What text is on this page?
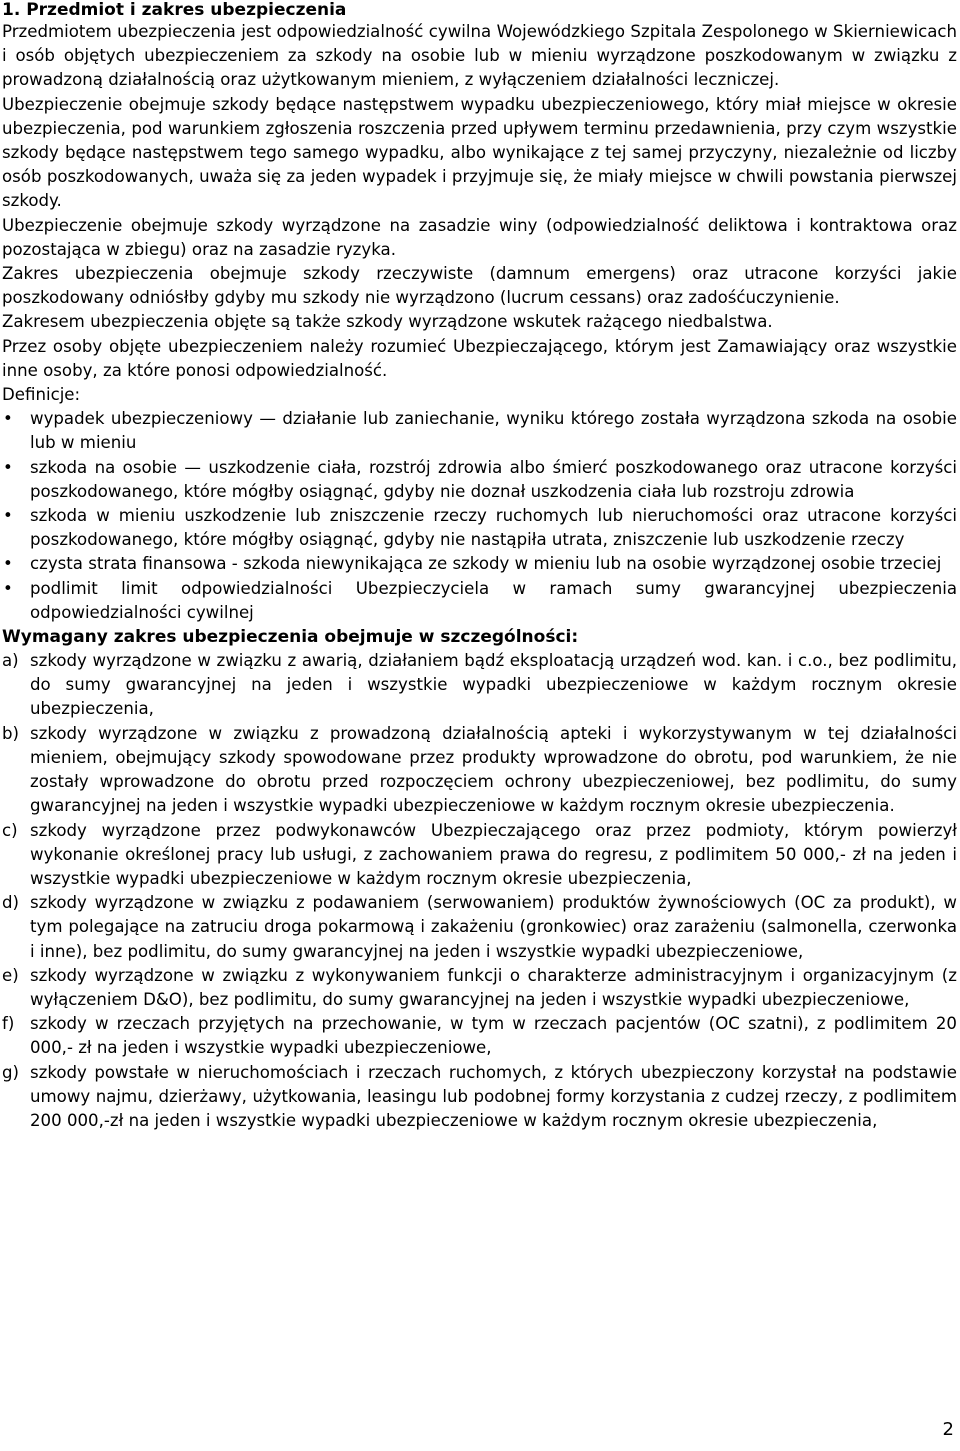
1. Przedmiot i zakres ubezpieczenia

Przedmiotem ubezpieczenia jest odpowiedzialność cywilna Wojewódzkiego Szpitala Zespolonego w Skierniewicach i osób objętych ubezpieczeniem za szkody na osobie lub w mieniu wyrządzone poszkodowanym w związku z prowadzoną działalnością oraz użytkowanym mieniem, z wyłączeniem działalności leczniczej.

Ubezpieczenie obejmuje szkody będące następstwem wypadku ubezpieczeniowego, który miał miejsce w okresie ubezpieczenia, pod warunkiem zgłoszenia roszczenia przed upływem terminu przedawnienia, przy czym wszystkie szkody będące następstwem tego samego wypadku, albo wynikające z tej samej przyczyny, niezależnie od liczby osób poszkodowanych, uważa się za jeden wypadek i przyjmuje się, że miały miejsce w chwili powstania pierwszej szkody.

Ubezpieczenie obejmuje szkody wyrządzone na zasadzie winy (odpowiedzialność deliktowa i kontraktowa oraz pozostająca w zbiegu) oraz na zasadzie ryzyka.

Zakres ubezpieczenia obejmuje szkody rzeczywiste (damnum emergens) oraz utracone korzyści jakie poszkodowany odniósłby gdyby mu szkody nie wyrządzono (lucrum cessans) oraz zadośćuczynienie.

Zakresem ubezpieczenia objęte są także szkody wyrządzone wskutek rażącego niedbalstwa.

Przez osoby objęte ubezpieczeniem należy rozumieć Ubezpieczającego, którym jest Zamawiający oraz wszystkie inne osoby, za które ponosi odpowiedzialność.

Definicje:

•	wypadek ubezpieczeniowy — działanie lub zaniechanie, wyniku którego została wyrządzona szkoda na osobie lub w mieniu
•	szkoda na osobie — uszkodzenie ciała, rozstrój zdrowia albo śmierć poszkodowanego oraz utracone korzyści poszkodowanego, które mógłby osiągnąć, gdyby nie doznał uszkodzenia ciała lub rozstroju zdrowia
•	szkoda w mieniu uszkodzenie lub zniszczenie rzeczy ruchomych lub nieruchomości oraz utracone korzyści poszkodowanego, które mógłby osiągnąć, gdyby nie nastąpiła utrata, zniszczenie lub uszkodzenie rzeczy
•	czysta strata finansowa - szkoda niewynikająca ze szkody w mieniu lub na osobie wyrządzonej osobie trzeciej
•	podlimit limit odpowiedzialności Ubezpieczyciela w ramach sumy gwarancyjnej ubezpieczenia odpowiedzialności cywilnej

Wymagany zakres ubezpieczenia obejmuje w szczególności:

a) szkody wyrządzone w związku z awarią, działaniem bądź eksploatacją urządzeń wod. kan. i c.o., bez podlimitu, do sumy gwarancyjnej na jeden i wszystkie wypadki ubezpieczeniowe w każdym rocznym okresie ubezpieczenia,
b) szkody wyrządzone w związku z prowadzoną działalnością apteki i wykorzystywanym w tej działalności mieniem, obejmujący szkody spowodowane przez produkty wprowadzone do obrotu, pod warunkiem, że nie zostały wprowadzone do obrotu przed rozpoczęciem ochrony ubezpieczeniowej, bez podlimitu, do sumy gwarancyjnej na jeden i wszystkie wypadki ubezpieczeniowe w każdym rocznym okresie ubezpieczenia.
c) szkody wyrządzone przez podwykonawców Ubezpieczającego oraz przez podmioty, którym powierzył wykonanie określonej pracy lub usługi, z zachowaniem prawa do regresu, z podlimitem 50 000,- zł na jeden i wszystkie wypadki ubezpieczeniowe w każdym rocznym okresie ubezpieczenia,
d) szkody wyrządzone w związku z podawaniem (serwowaniem) produktów żywnościowych (OC za produkt), w tym polegające na zatruciu droga pokarmową i zakażeniu (gronkowiec) oraz zarażeniu (salmonella, czerwonka i inne), bez podlimitu, do sumy gwarancyjnej na jeden i wszystkie wypadki ubezpieczeniowe,
e) szkody wyrządzone w związku z wykonywaniem funkcji o charakterze administracyjnym i organizacyjnym (z wyłączeniem D&O), bez podlimitu, do sumy gwarancyjnej na jeden i wszystkie wypadki ubezpieczeniowe,
f) szkody w rzeczach przyjętych na przechowanie, w tym w rzeczach pacjentów (OC szatni), z podlimitem 20 000,- zł na jeden i wszystkie wypadki ubezpieczeniowe,
g) szkody powstałe w nieruchomościach i rzeczach ruchomych, z których ubezpieczony korzystał na podstawie umowy najmu, dzierżawy, użytkowania, leasingu lub podobnej formy korzystania z cudzej rzeczy, z podlimitem 200 000,-zł na jeden i wszystkie wypadki ubezpieczeniowe w każdym rocznym okresie ubezpieczenia,
2
